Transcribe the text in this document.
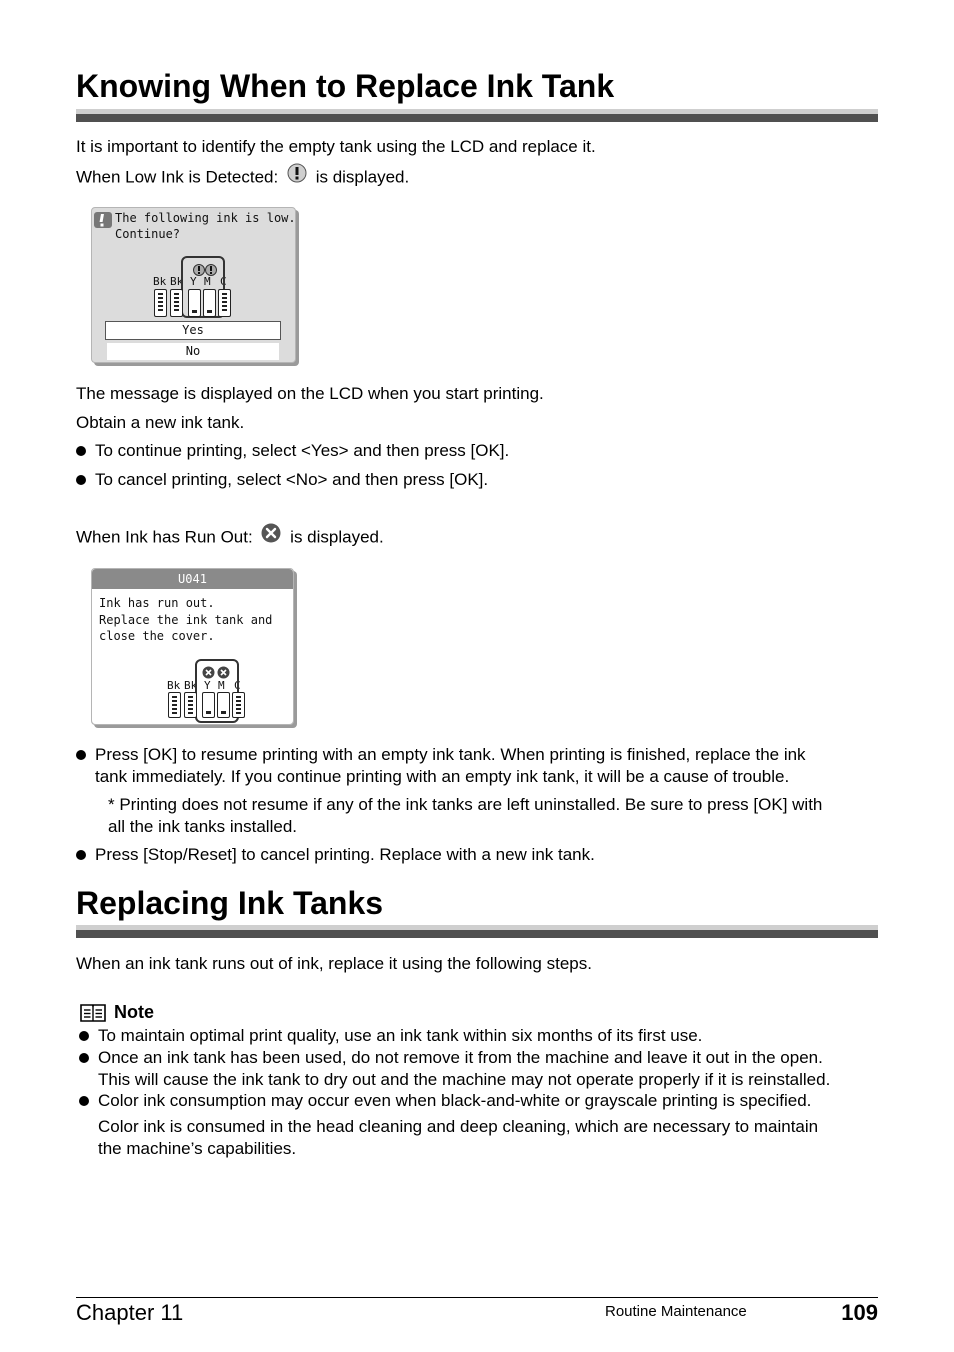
Knowing When to Replace Ink Tank
It is important to identify the empty tank using the LCD and replace it.
When Low Ink is Detected: is displayed.
The following ink is low.
Continue?
Bk Bk Y M C
Yes
No
The message is displayed on the LCD when you start printing.
Obtain a new ink tank.
To continue printing, select <Yes> and then press [OK].
To cancel printing, select <No> and then press [OK].
When Ink has Run Out: is displayed.
U041
Ink has run out.
Replace the ink tank and
close the cover.
Bk Bk Y M C
Press [OK] to resume printing with an empty ink tank. When printing is finished, replace the ink
tank immediately. If you continue printing with an empty ink tank, it will be a cause of trouble.
* Printing does not resume if any of the ink tanks are left uninstalled. Be sure to press [OK] with
all the ink tanks installed.
Press [Stop/Reset] to cancel printing. Replace with a new ink tank.
Replacing Ink Tanks
When an ink tank runs out of ink, replace it using the following steps.
Note
To maintain optimal print quality, use an ink tank within six months of its first use.
Once an ink tank has been used, do not remove it from the machine and leave it out in the open.
This will cause the ink tank to dry out and the machine may not operate properly if it is reinstalled.
Color ink consumption may occur even when black-and-white or grayscale printing is specified.
Color ink is consumed in the head cleaning and deep cleaning, which are necessary to maintain
the machine’s capabilities.
Chapter 11	Routine Maintenance	109
